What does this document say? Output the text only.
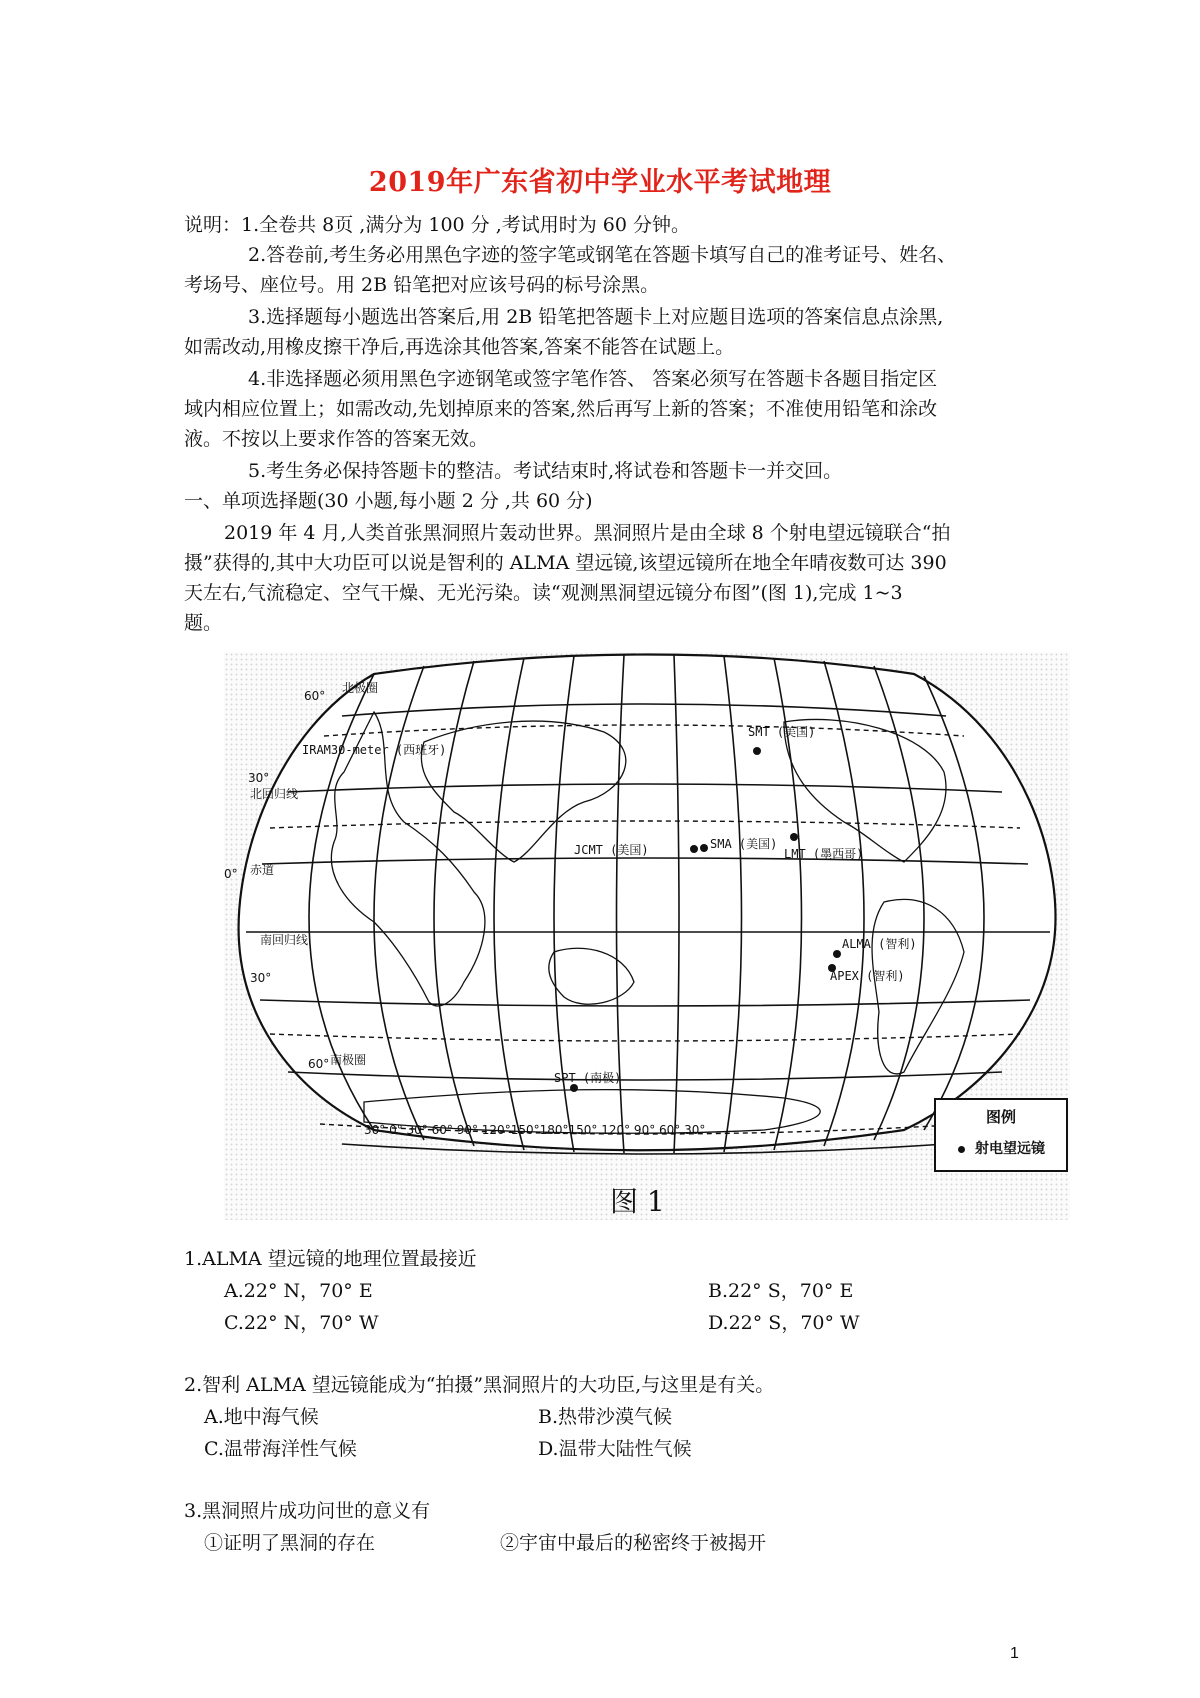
2019年广东省初中学业水平考试地理
说明：1.全卷共 8页 ,满分为 100 分 ,考试用时为 60 分钟。
2.答卷前,考生务必用黑色字迹的签字笔或钢笔在答题卡填写自己的准考证号、姓名、
考场号、座位号。用 2B 铅笔把对应该号码的标号涂黑。
3.选择题每小题选出答案后,用 2B 铅笔把答题卡上对应题目选项的答案信息点涂黑,
如需改动,用橡皮擦干净后,再选涂其他答案,答案不能答在试题上。
4.非选择题必须用黑色字迹钢笔或签字笔作答、 答案必须写在答题卡各题目指定区
域内相应位置上；如需改动,先划掉原来的答案,然后再写上新的答案；不准使用铅笔和涂改
液。不按以上要求作答的答案无效。
5.考生务必保持答题卡的整洁。考试结束时,将试卷和答题卡一并交回。
一、单项选择题(30 小题,每小题 2 分 ,共 60 分)
2019 年 4 月,人类首张黑洞照片轰动世界。黑洞照片是由全球 8 个射电望远镜联合“拍
摄”获得的,其中大功臣可以说是智利的 ALMA 望远镜,该望远镜所在地全年晴夜数可达 390
天左右,气流稳定、空气干燥、无光污染。读“观测黑洞望远镜分布图”(图 1),完成 1~3
题。
60°
30°
0°
30°
60°
北极圈
北回归线
赤道
南回归线
南极圈
IRAM30-meter (西班牙)
SMT (美国)
JCMT (美国)	SMA (美国)
LMT (墨西哥)
ALMA (智利)
APEX (智利)
SPT (南极)
30° 0° 30° 60° 90° 120°150°180°150° 120° 90° 60° 30°
图例
射电望远镜
图 1
1.ALMA 望远镜的地理位置最接近
A.22° N，70° E	B.22° S，70° E
C.22° N，70° W	D.22° S，70° W
2.智利 ALMA 望远镜能成为“拍摄”黑洞照片的大功臣,与这里是有关。
A.地中海气候	B.热带沙漠气候
C.温带海洋性气候	D.温带大陆性气候
3.黑洞照片成功问世的意义有
①证明了黑洞的存在	②宇宙中最后的秘密终于被揭开
1
